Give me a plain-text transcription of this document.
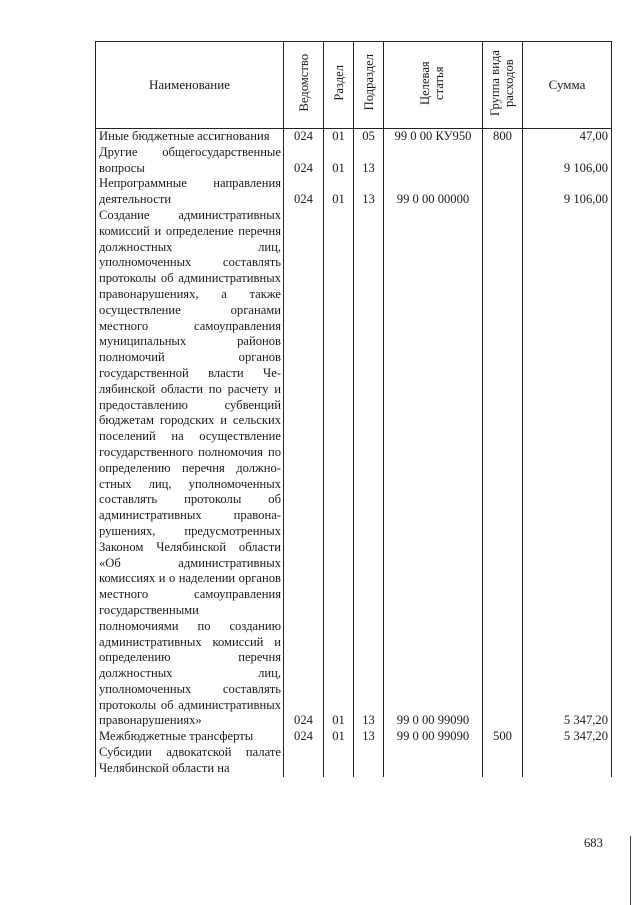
Наименование	Ведомство	Раздел	Подраздел	Целевая статья	Группа вида расходов	Сумма
Иные бюджетные ассигнования	024	01	05	99 0 00 КУ950	800	47,00
Другие общегосударственные вопросы	024	01	13			9 106,00
Непрограммные направления деятельности	024	01	13	99 0 00 00000		9 106,00
Создание административных комиссий и определение перечня должностных лиц, уполномоченных составлять протоколы об административных правонарушениях, а также осуществление органами местного самоуправления муниципальных районов полномочий органов государственной власти Челябинской области по расчету и предоставлению субвенций бюджетам городских и сельских поселений на осуществление государственного полномочия по определению перечня должностных лиц, уполномоченных составлять протоколы об административных правонарушениях, предусмотренных Законом Челябинской области «Об административных комиссиях и о наделении органов местного самоуправления государственными полномочиями по созданию административных комиссий и определению перечня должностных лиц, уполномоченных составлять протоколы об административных правонарушениях»	024	01	13	99 0 00 99090		5 347,20
Межбюджетные трансферты	024	01	13	99 0 00 99090	500	5 347,20
Субсидии адвокатской палате Челябинской области на						
683
